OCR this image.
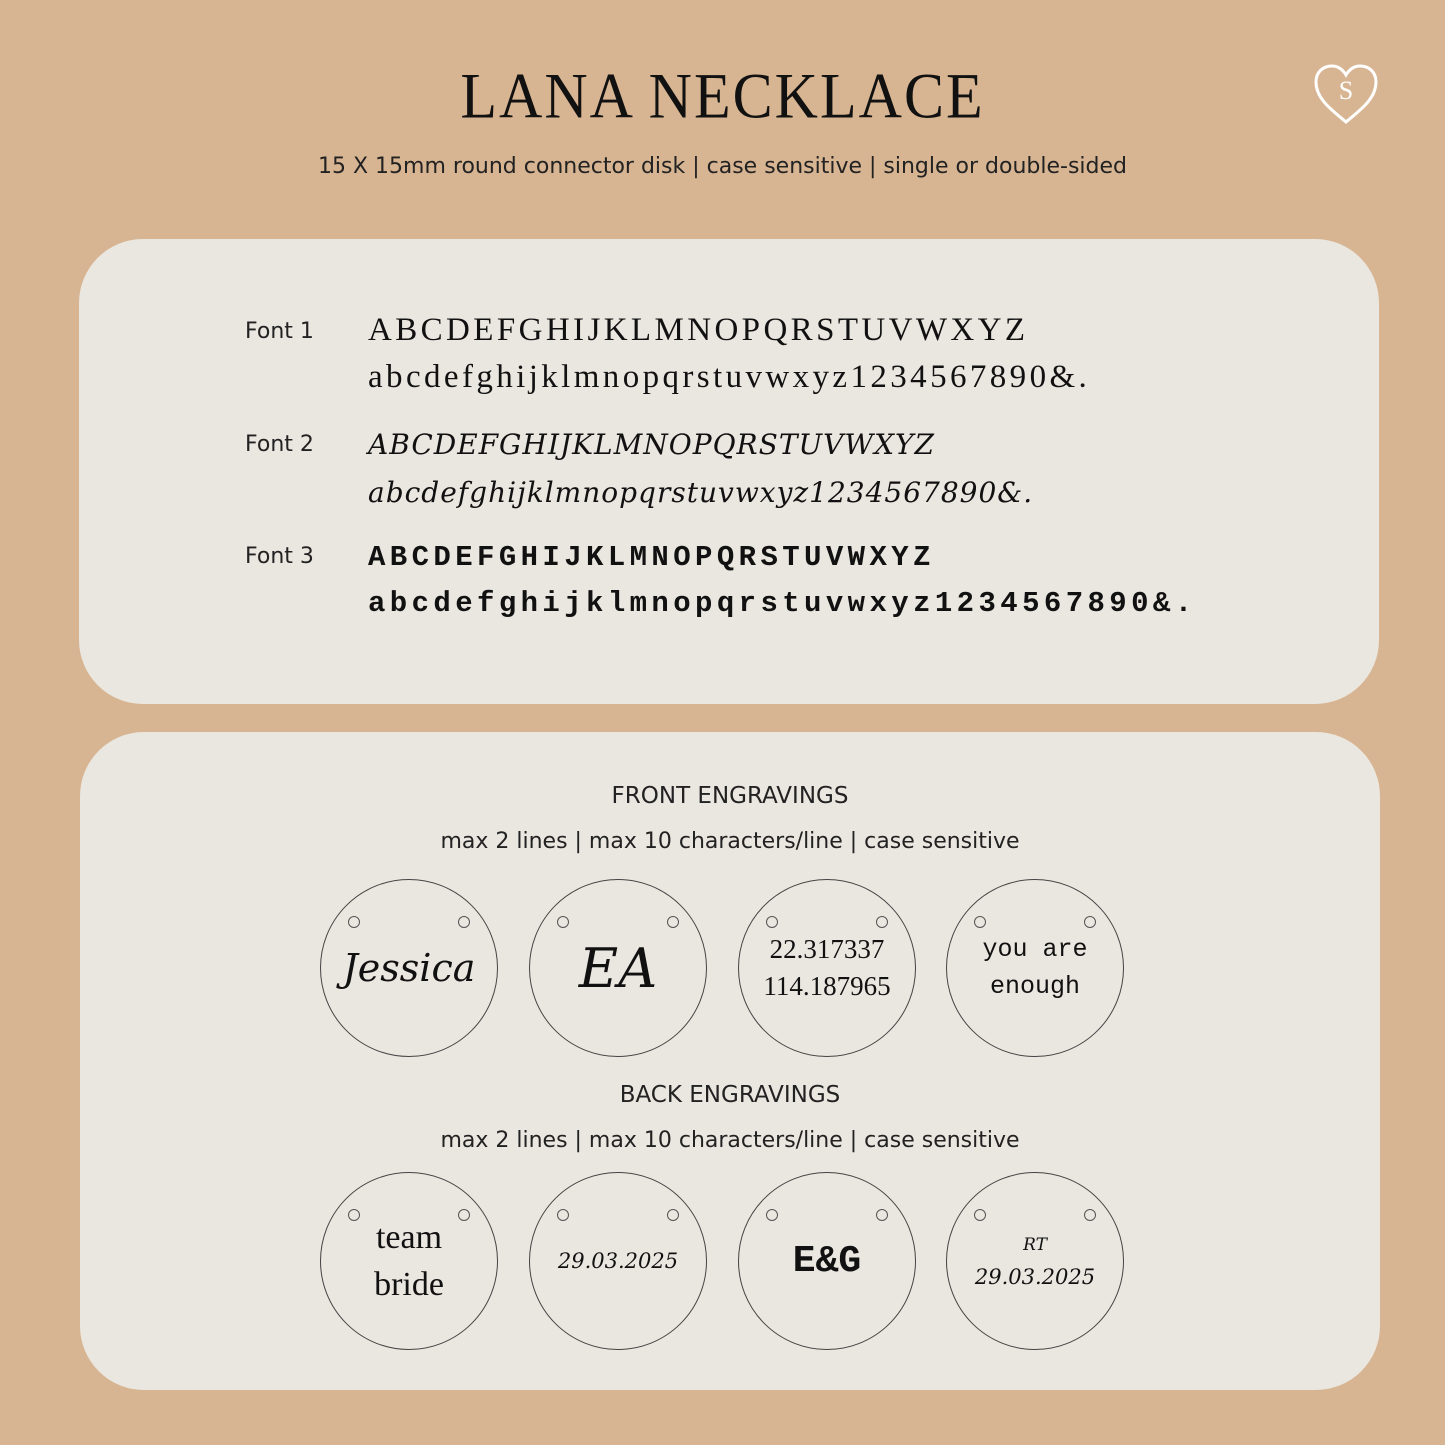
LANA NECKLACE
15 X 15mm round connector disk | case sensitive | single or double-sided
S
Font 1 ABCDEFGHIJKLMNOPQRSTUVWXYZ
abcdefghijklmnopqrstuvwxyz1234567890&.
Font 2 ABCDEFGHIJKLMNOPQRSTUVWXYZ
abcdefghijklmnopqrstuvwxyz1234567890&.
Font 3 ABCDEFGHIJKLMNOPQRSTUVWXYZ
abcdefghijklmnopqrstuvwxyz1234567890&.
FRONT ENGRAVINGS
max 2 lines | max 10 characters/line | case sensitive
Jessica EA	22.317337
114.187965
you are
enough
BACK ENGRAVINGS
max 2 lines | max 10 characters/line | case sensitive
team
bride
29.03.2025	E&G	RT
29.03.2025
